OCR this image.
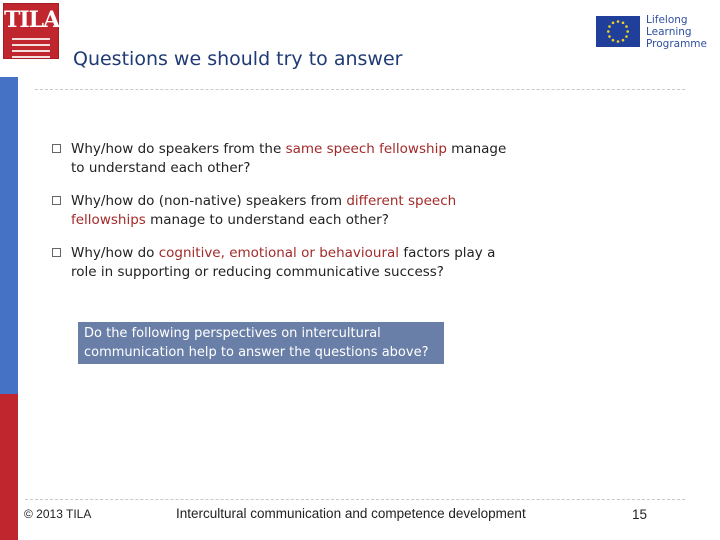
TILA	Lifelong
Learning
Programme
Questions we should try to answer
Why/how do speakers from the same speech fellowship manage to understand each other?
Why/how do (non-native) speakers from different speech fellowships manage to understand each other?
Why/how do cognitive, emotional or behavioural factors play a role in supporting or reducing communicative success?
Do the following perspectives on intercultural communication help to answer the questions above?
© 2013 TILA	Intercultural communication and competence development	15
